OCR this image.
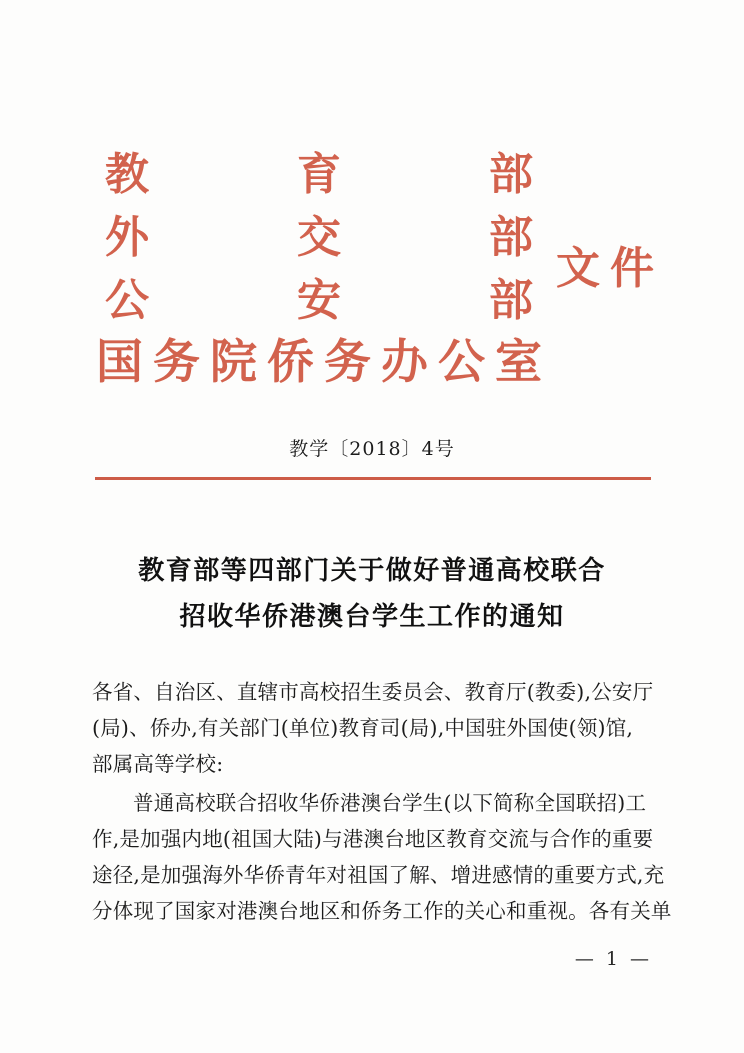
教
外
公
育
交
安
部
部
部
文件
国务院侨务办公室
教学〔2018〕4号
教育部等四部门关于做好普通高校联合
招收华侨港澳台学生工作的通知
各省、自治区、直辖市高校招生委员会、教育厅(教委),公安厅
(局)、侨办,有关部门(单位)教育司(局),中国驻外国使(领)馆,
部属高等学校:
普通高校联合招收华侨港澳台学生(以下简称全国联招)工
作,是加强内地(祖国大陆)与港澳台地区教育交流与合作的重要
途径,是加强海外华侨青年对祖国了解、增进感情的重要方式,充
分体现了国家对港澳台地区和侨务工作的关心和重视。各有关单
— 1 —
